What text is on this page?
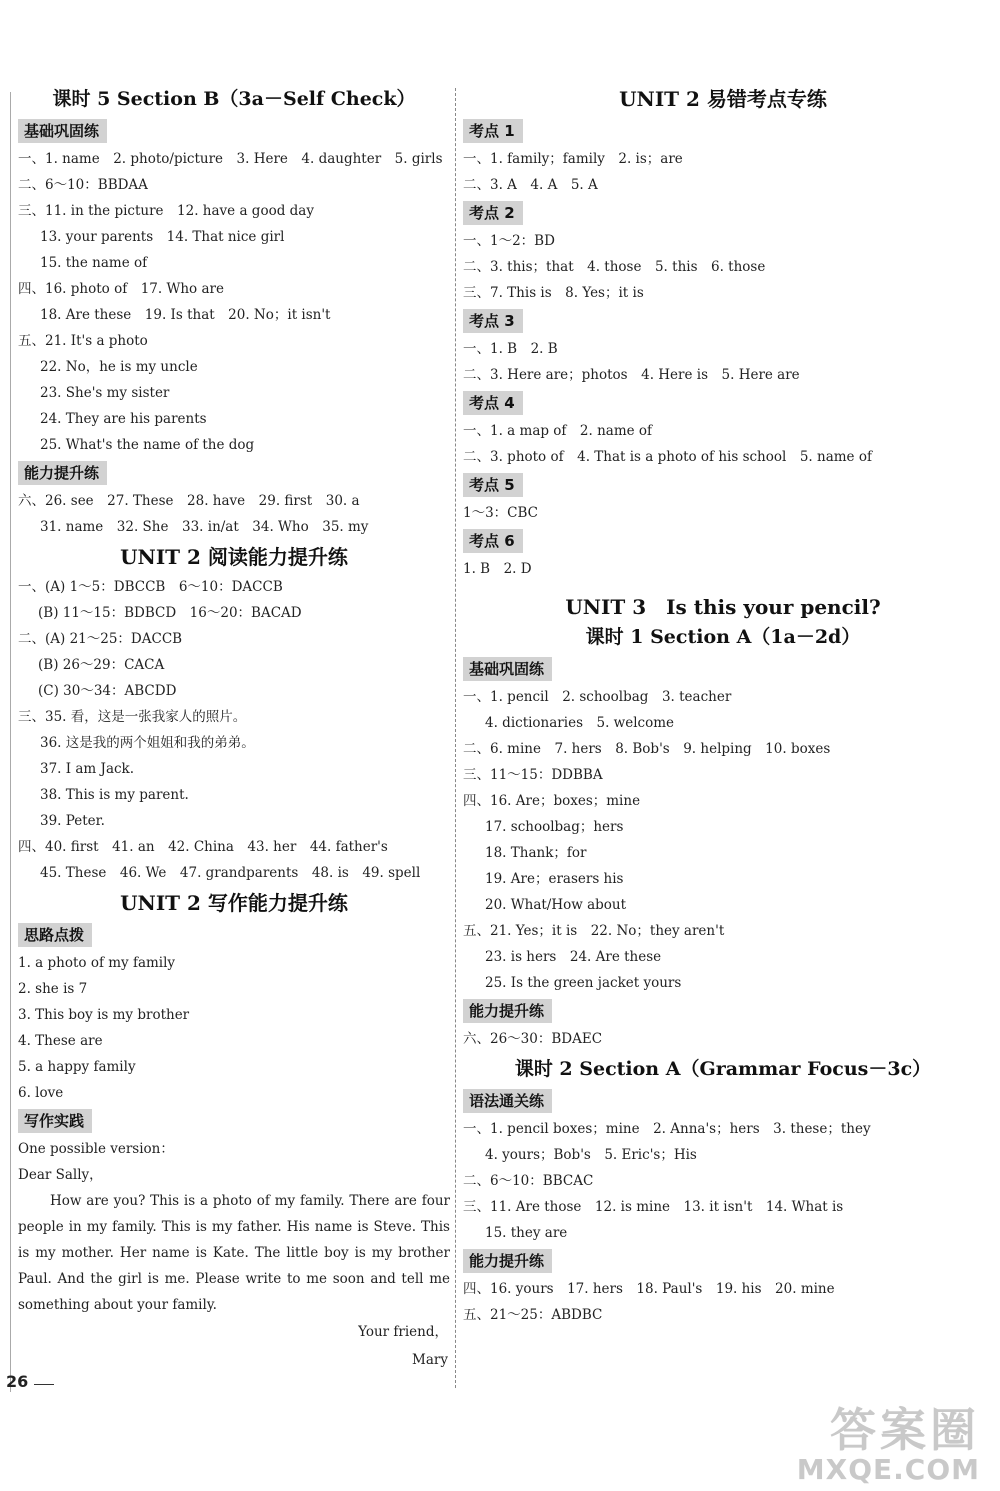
课时 5 Section B（3a－Self Check）
基础巩固练
一、1. name　2. photo/picture　3. Here　4. daughter　5. girls
二、6～10：BBDAA
三、11. in the picture　12. have a good day
13. your parents　14. That nice girl
15. the name of
四、16. photo of　17. Who are
18. Are these　19. Is that　20. No；it isn't
五、21. It's a photo
22. No，he is my uncle
23. She's my sister
24. They are his parents
25. What's the name of the dog
能力提升练
六、26. see　27. These　28. have　29. first　30. a
31. name　32. She　33. in/at　34. Who　35. my
UNIT 2 阅读能力提升练
一、(A) 1～5：DBCCB　6～10：DACCB
(B) 11～15：BDBCD　16～20：BACAD
二、(A) 21～25：DACCB
(B) 26～29：CACA
(C) 30～34：ABCDD
三、35. 看，这是一张我家人的照片。
36. 这是我的两个姐姐和我的弟弟。
37. I am Jack.
38. This is my parent.
39. Peter.
四、40. first　41. an　42. China　43. her　44. father's
45. These　46. We　47. grandparents　48. is　49. spell
UNIT 2 写作能力提升练
思路点拨
1. a photo of my family
2. she is 7
3. This boy is my brother
4. These are
5. a happy family
6. love
写作实践
One possible version：
Dear Sally，
How are you? This is a photo of my family. There are four people in my family. This is my father. His name is Steve. This is my mother. Her name is Kate. The little boy is my brother Paul. And the girl is me. Please write to me soon and tell me something about your family.
Your friend，
Mary
UNIT 2 易错考点专练
考点 1
一、1. family；family　2. is；are
二、3. A　4. A　5. A
考点 2
一、1～2：BD
二、3. this；that　4. those　5. this　6. those
三、7. This is　8. Yes；it is
考点 3
一、1. B　2. B
二、3. Here are；photos　4. Here is　5. Here are
考点 4
一、1. a map of　2. name of
二、3. photo of　4. That is a photo of his school　5. name of
考点 5
1～3：CBC
考点 6
1. B　2. D
UNIT 3　Is this your pencil?
课时 1 Section A（1a－2d）
基础巩固练
一、1. pencil　2. schoolbag　3. teacher
4. dictionaries　5. welcome
二、6. mine　7. hers　8. Bob's　9. helping　10. boxes
三、11～15：DDBBA
四、16. Are；boxes；mine
17. schoolbag；hers
18. Thank；for
19. Are；erasers his
20. What/How about
五、21. Yes；it is　22. No；they aren't
23. is hers　24. Are these
25. Is the green jacket yours
能力提升练
六、26～30：BDAEC
课时 2 Section A（Grammar Focus－3c）
语法通关练
一、1. pencil boxes；mine　2. Anna's；hers　3. these；they
4. yours；Bob's　5. Eric's；His
二、6～10：BBCAC
三、11. Are those　12. is mine　13. it isn't　14. What is
15. they are
能力提升练
四、16. yours　17. hers　18. Paul's　19. his　20. mine
五、21～25：ABDBC
26
答案圈
MXQE.COM
